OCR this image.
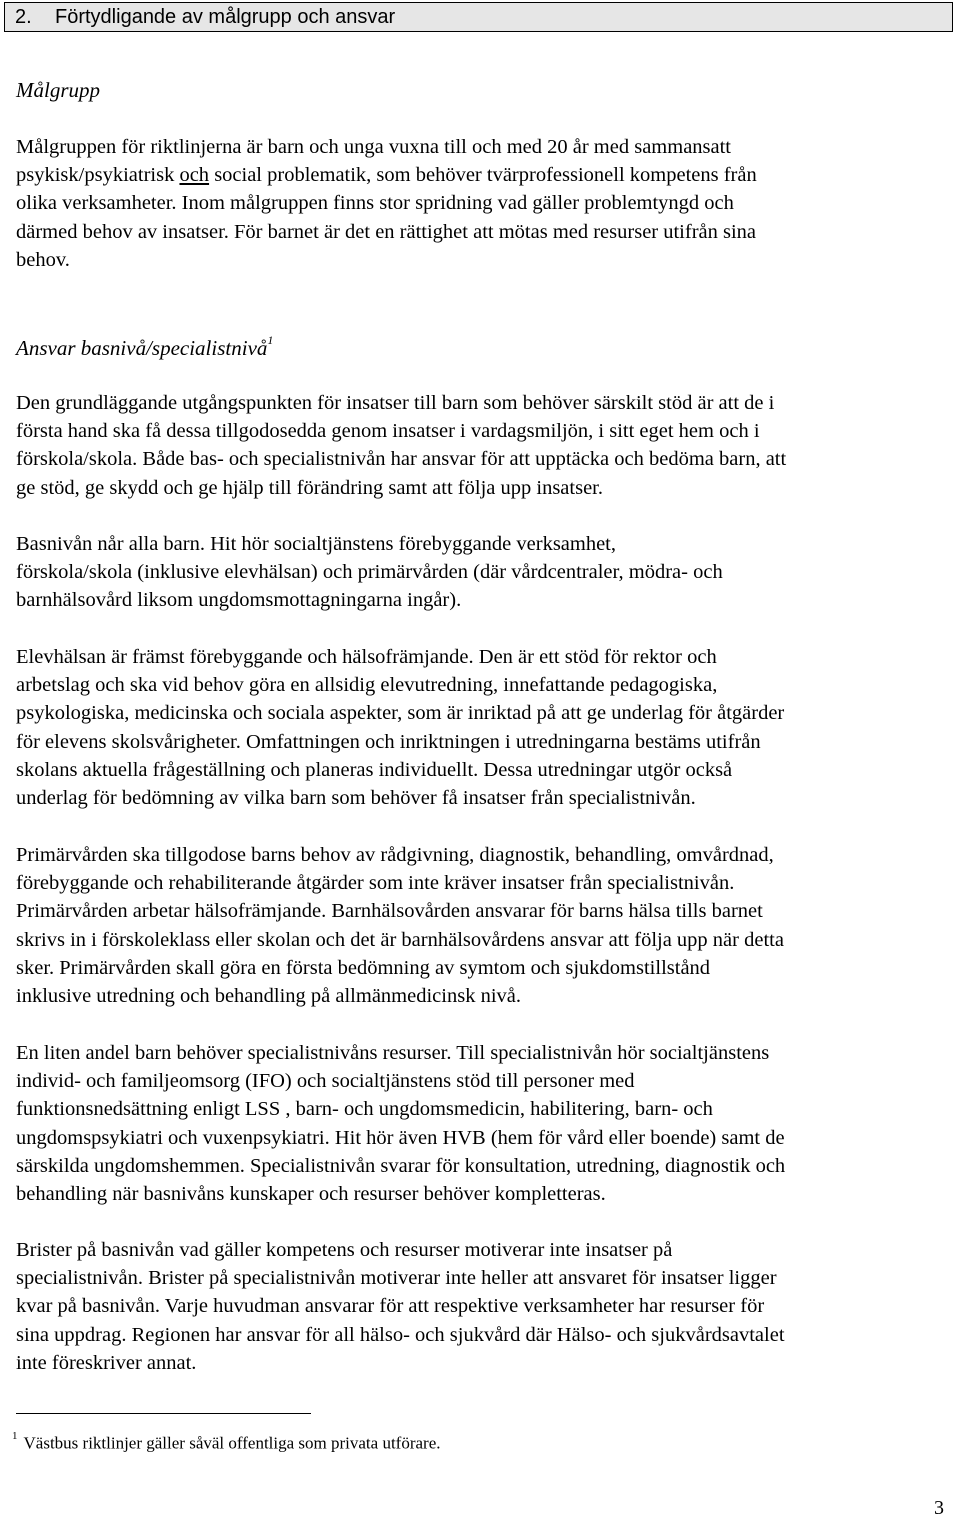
2. Förtydligande av målgrupp och ansvar
Målgrupp
Målgruppen för riktlinjerna är barn och unga vuxna till och med 20 år med sammansatt
psykisk/psykiatrisk och social problematik, som behöver tvärprofessionell kompetens från
olika verksamheter. Inom målgruppen finns stor spridning vad gäller problemtyngd och
därmed behov av insatser. För barnet är det en rättighet att mötas med resurser utifrån sina
behov.
Ansvar basnivå/specialistnivå$^1$
Den grundläggande utgångspunkten för insatser till barn som behöver särskilt stöd är att de i
första hand ska få dessa tillgodosedda genom insatser i vardagsmiljön, i sitt eget hem och i
förskola/skola. Både bas- och specialistnivån har ansvar för att upptäcka och bedöma barn, att
ge stöd, ge skydd och ge hjälp till förändring samt att följa upp insatser.
Basnivån når alla barn. Hit hör socialtjänstens förebyggande verksamhet,
förskola/skola (inklusive elevhälsan) och primärvården (där vårdcentraler, mödra- och
barnhälsovård liksom ungdomsmottagningarna ingår).
Elevhälsan är främst förebyggande och hälsofrämjande. Den är ett stöd för rektor och
arbetslag och ska vid behov göra en allsidig elevutredning, innefattande pedagogiska,
psykologiska, medicinska och sociala aspekter, som är inriktad på att ge underlag för åtgärder
för elevens skolsvårigheter. Omfattningen och inriktningen i utredningarna bestäms utifrån
skolans aktuella frågeställning och planeras individuellt. Dessa utredningar utgör också
underlag för bedömning av vilka barn som behöver få insatser från specialistnivån.
Primärvården ska tillgodose barns behov av rådgivning, diagnostik, behandling, omvårdnad,
förebyggande och rehabiliterande åtgärder som inte kräver insatser från specialistnivån.
Primärvården arbetar hälsofrämjande. Barnhälsovården ansvarar för barns hälsa tills barnet
skrivs in i förskoleklass eller skolan och det är barnhälsovårdens ansvar att följa upp när detta
sker. Primärvården skall göra en första bedömning av symtom och sjukdomstillstånd
inklusive utredning och behandling på allmänmedicinsk nivå.
En liten andel barn behöver specialistnivåns resurser. Till specialistnivån hör socialtjänstens
individ- och familjeomsorg (IFO) och socialtjänstens stöd till personer med
funktionsnedsättning enligt LSS , barn- och ungdomsmedicin, habilitering, barn- och
ungdomspsykiatri och vuxenpsykiatri. Hit hör även HVB (hem för vård eller boende) samt de
särskilda ungdomshemmen. Specialistnivån svarar för konsultation, utredning, diagnostik och
behandling när basnivåns kunskaper och resurser behöver kompletteras.
Brister på basnivån vad gäller kompetens och resurser motiverar inte insatser på
specialistnivån. Brister på specialistnivån motiverar inte heller att ansvaret för insatser ligger
kvar på basnivån. Varje huvudman ansvarar för att respektive verksamheter har resurser för
sina uppdrag. Regionen har ansvar för all hälso- och sjukvård där Hälso- och sjukvårdsavtalet
inte föreskriver annat.
$^1$ Västbus riktlinjer gäller såväl offentliga som privata utförare.
3
